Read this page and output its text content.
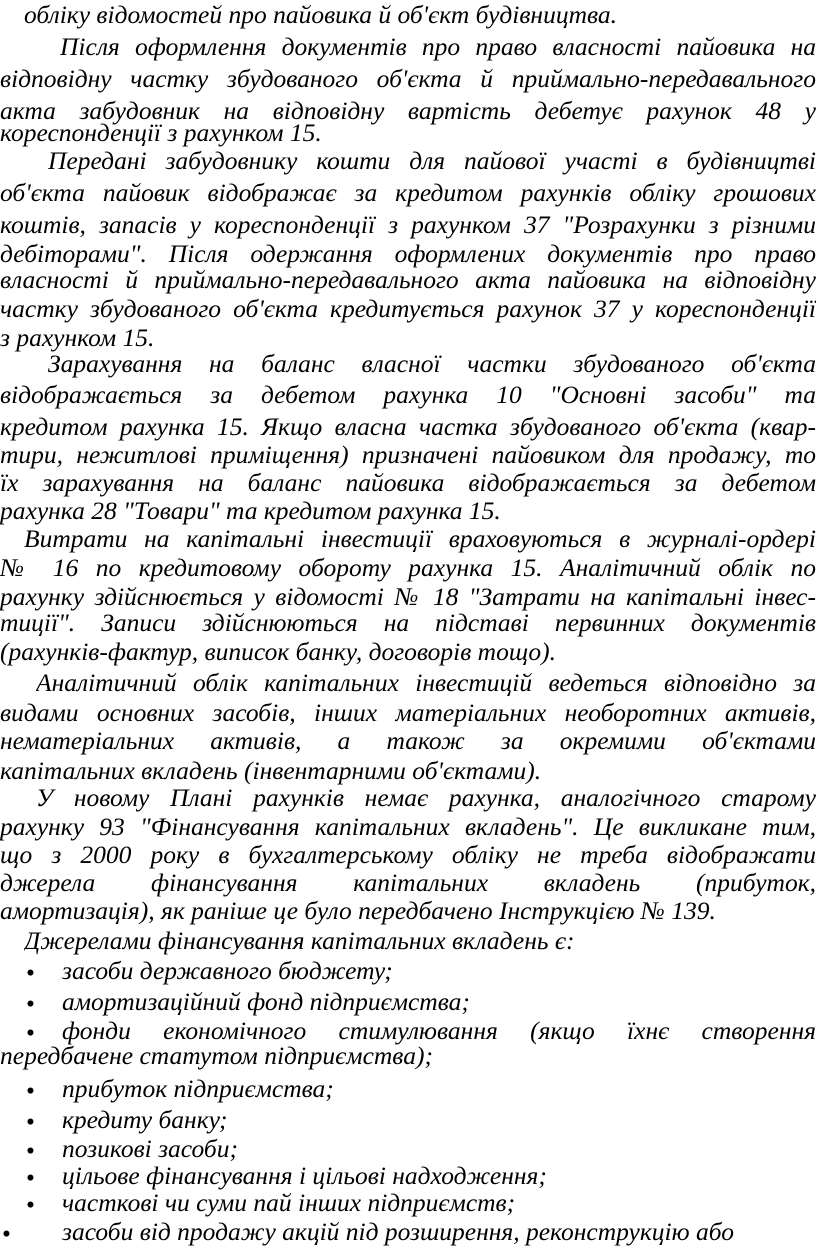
обліку відомостей про пайовика й об'єкт будівництва.
Після оформлення документів про право власності пайовика на
відповідну частку збудованого об'єкта й приймально-передавального
акта забудовник на відповідну вартість дебетує рахунок 48 у
кореспонденції з рахунком 15.
Передані забудовнику кошти для пайової участі в будівництві
об'єкта пайовик відображає за кредитом рахунків обліку грошових
коштів, запасів у кореспонденції з рахунком 37 "Розрахунки з різними
дебіторами". Після одержання оформлених документів про право
власності й приймально-передавального акта пайовика на відповідну
частку збудованого об'єкта кредитується рахунок 37 у кореспонденції
з рахунком 15.
Зарахування на баланс власної частки збудованого об'єкта
відображається за дебетом рахунка 10 "Основні засоби" та
кредитом рахунка 15. Якщо власна частка збудованого об'єкта (квар-
тири, нежитлові приміщення) призначені пайовиком для продажу, то
їх зарахування на баланс пайовика відображається за дебетом
рахунка 28 "Товари" та кредитом рахунка 15.
Витрати на капітальні інвестиції враховуються в журналі-ордері
№ 16 по кредитовому обороту рахунка 15. Аналітичний облік по
рахунку здійснюється у відомості № 18 "Затрати на капітальні інвес-
тиції". Записи здійснюються на підставі первинних документів
(рахунків-фактур, виписок банку, договорів тощо).
Аналітичний облік капітальних інвестицій ведеться відповідно за
видами основних засобів, інших матеріальних необоротних активів,
нематеріальних активів, а також за окремими об'єктами
капітальних вкладень (інвентарними об'єктами).
У новому Плані рахунків немає рахунка, аналогічного старому
рахунку 93 "Фінансування капітальних вкладень". Це викликане тим,
що з 2000 року в бухгалтерському обліку не треба відображати
джерела фінансування капітальних вкладень (прибуток,
амортизація), як раніше це було передбачено Інструкцією № 139.
Джерелами фінансування капітальних вкладень є:
• засоби державного бюджету;
• амортизаційний фонд підприємства;
• фонди економічного стимулювання (якщо їхнє створення
передбачене статутом підприємства);
• прибуток підприємства;
• кредиту банку;
• позикові засоби;
• цільове фінансування і цільові надходження;
• часткові чи суми пай інших підприємств;
• засоби від продажу акцій під розширення, реконструкцію або
